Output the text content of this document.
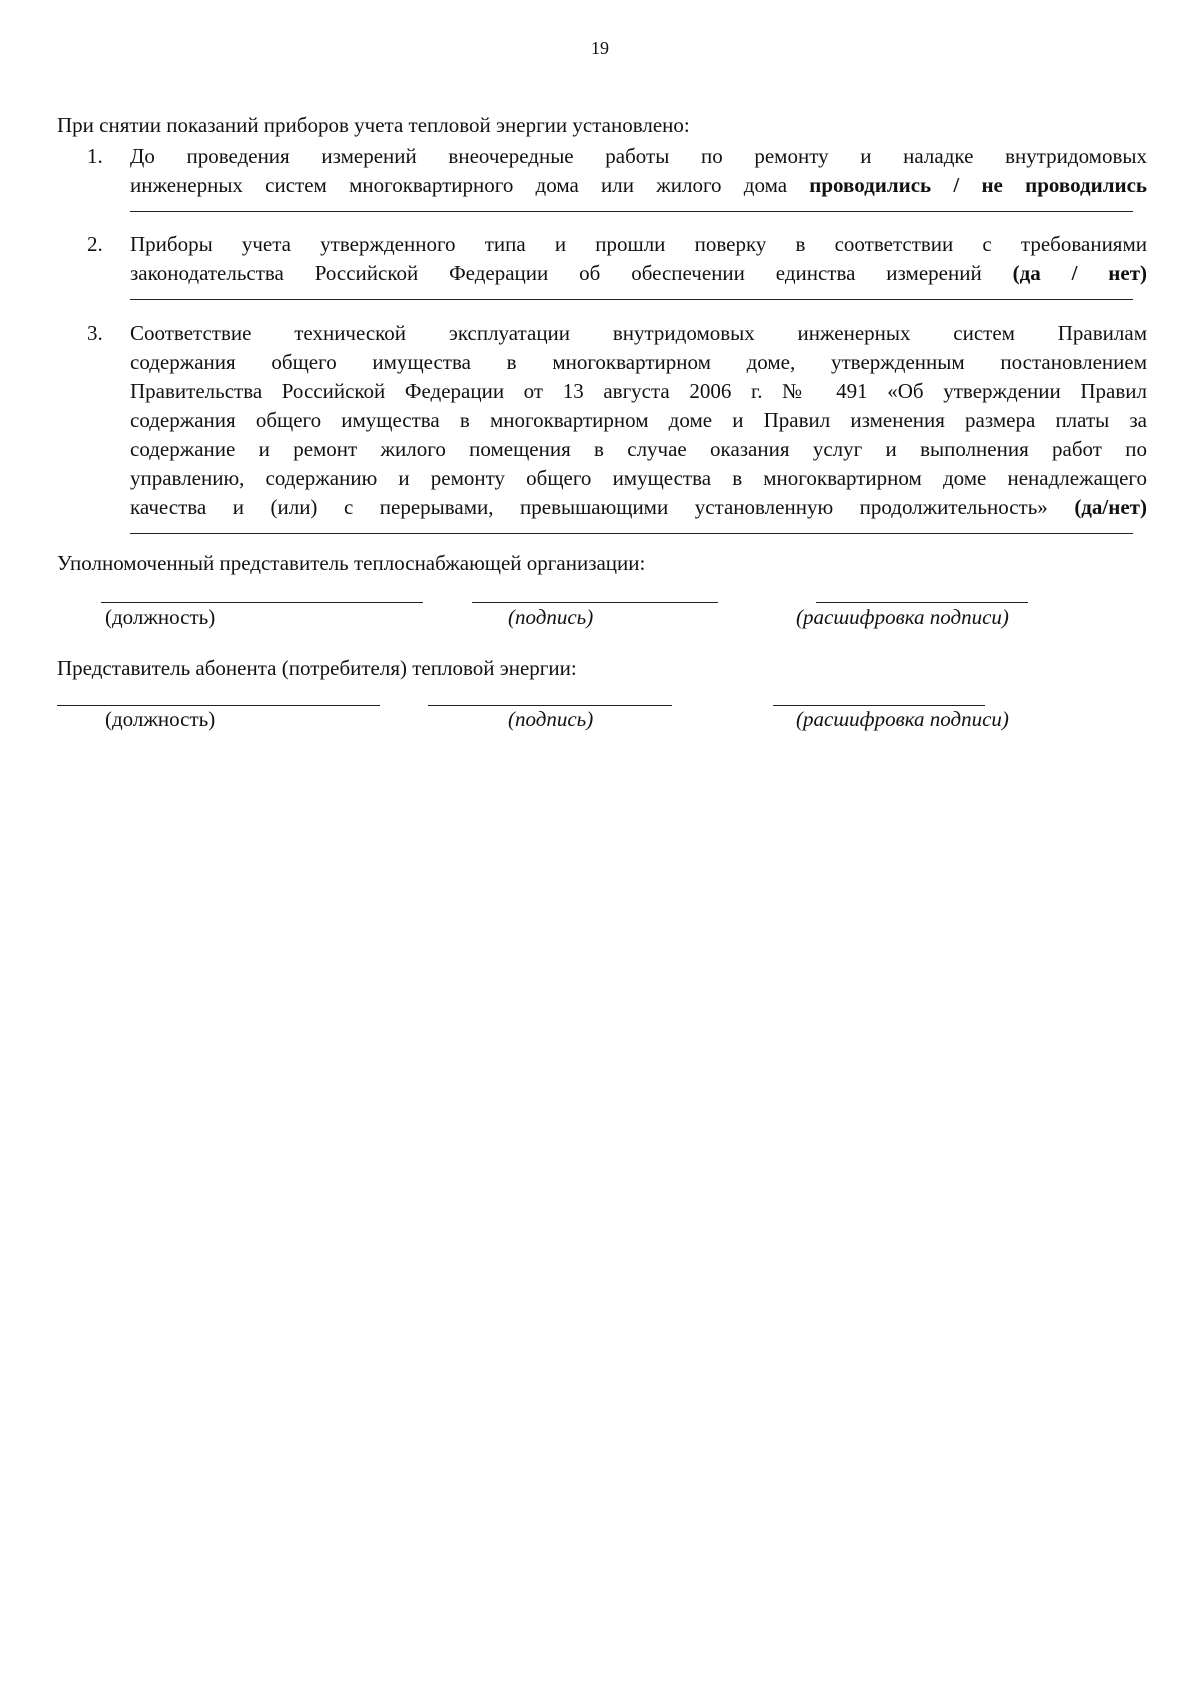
19
При снятии показаний приборов учета тепловой энергии установлено:
1. До проведения измерений внеочередные работы по ремонту и наладке внутридомовых
инженерных систем многоквартирного дома или жилого дома проводились / не проводились
2. Приборы учета утвержденного типа и прошли поверку в соответствии с требованиями
законодательства Российской Федерации об обеспечении единства измерений (да / нет)
3. Соответствие технической эксплуатации внутридомовых инженерных систем Правилам
содержания общего имущества в многоквартирном доме, утвержденным постановлением
Правительства Российской Федерации от 13 августа 2006 г. № 491 «Об утверждении Правил
содержания общего имущества в многоквартирном доме и Правил изменения размера платы за
содержание и ремонт жилого помещения в случае оказания услуг и выполнения работ по
управлению, содержанию и ремонту общего имущества в многоквартирном доме ненадлежащего
качества и (или) с перерывами, превышающими установленную продолжительность» (да/нет)
Уполномоченный представитель теплоснабжающей организации:
(должность)	(подпись)	(расшифровка подписи)
Представитель абонента (потребителя) тепловой энергии:
(должность)	(подпись)	(расшифровка подписи)
